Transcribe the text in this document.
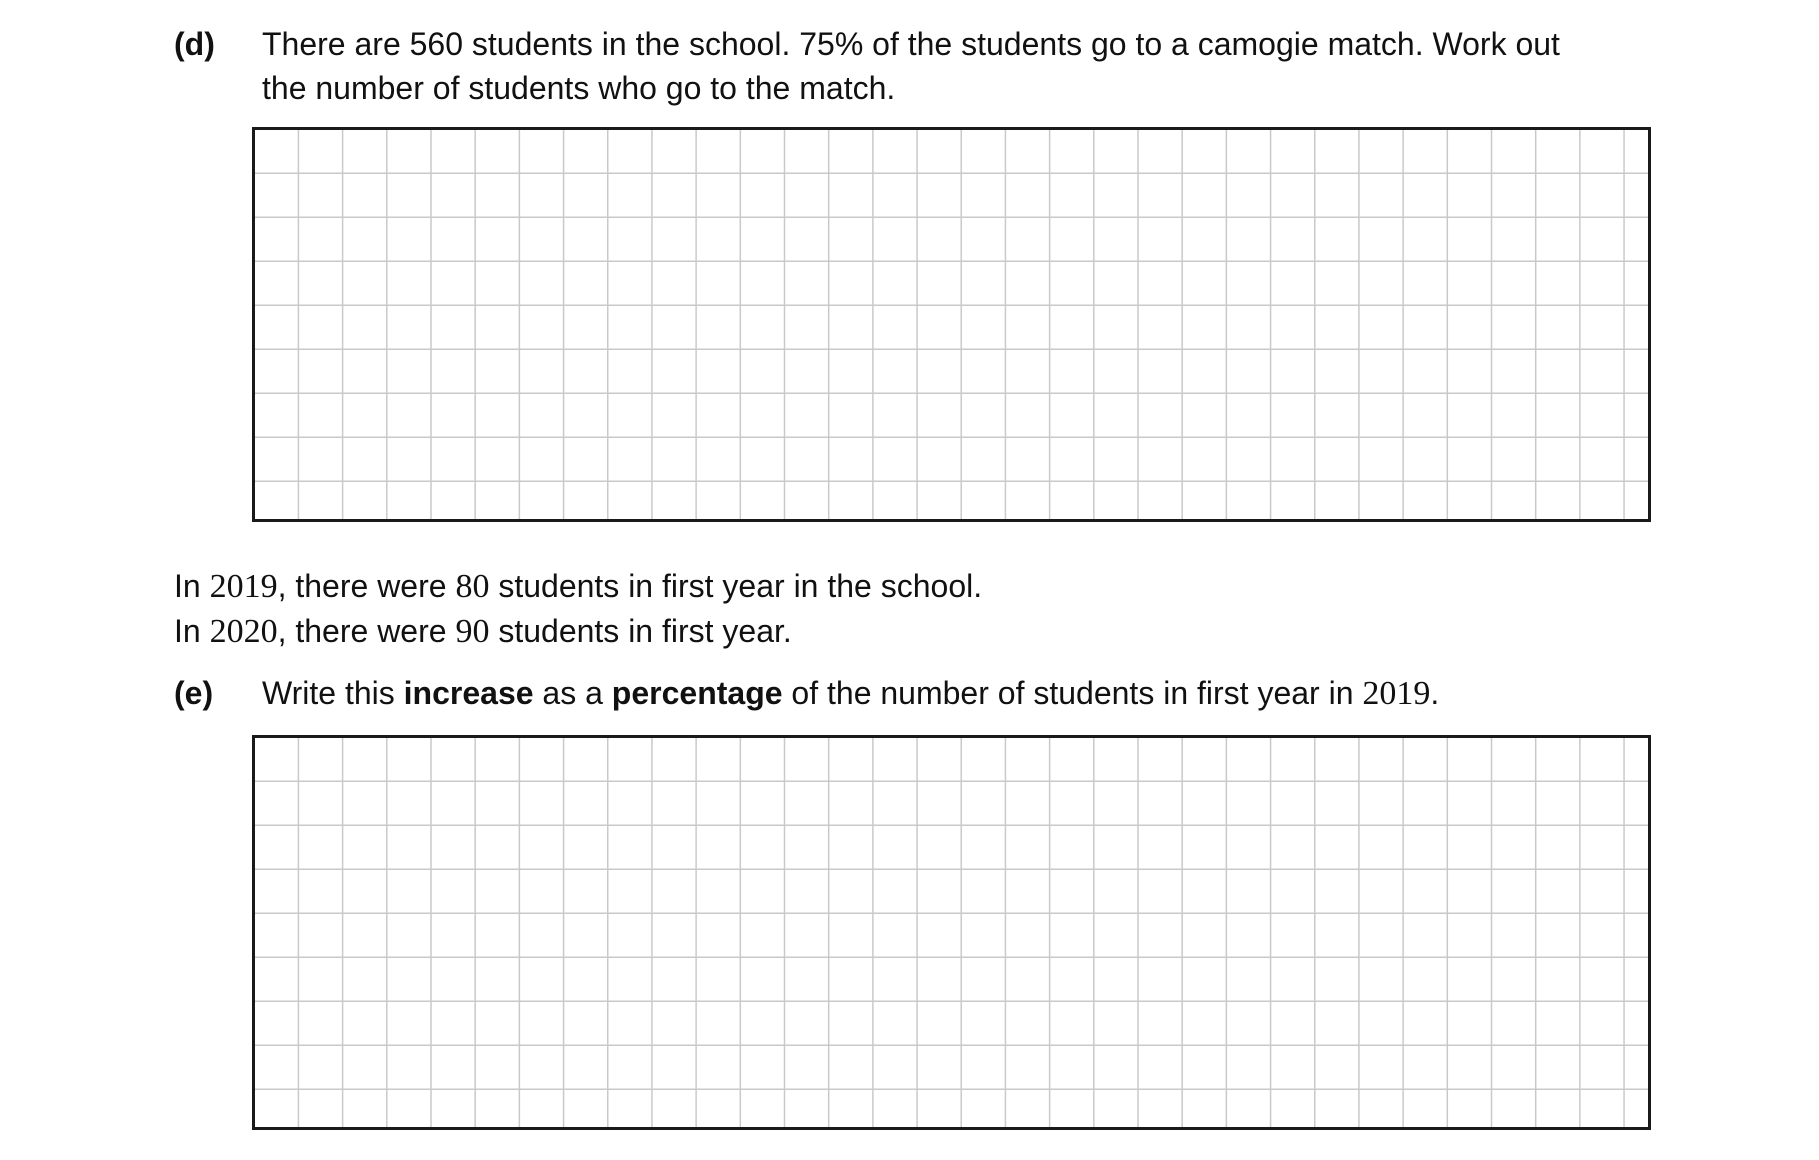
(d) There are 560 students in the school. 75% of the students go to a camogie match. Work out
the number of students who go to the match.
In 2019, there were 80 students in first year in the school.
In 2020, there were 90 students in first year.
(e) Write this increase as a percentage of the number of students in first year in 2019.
